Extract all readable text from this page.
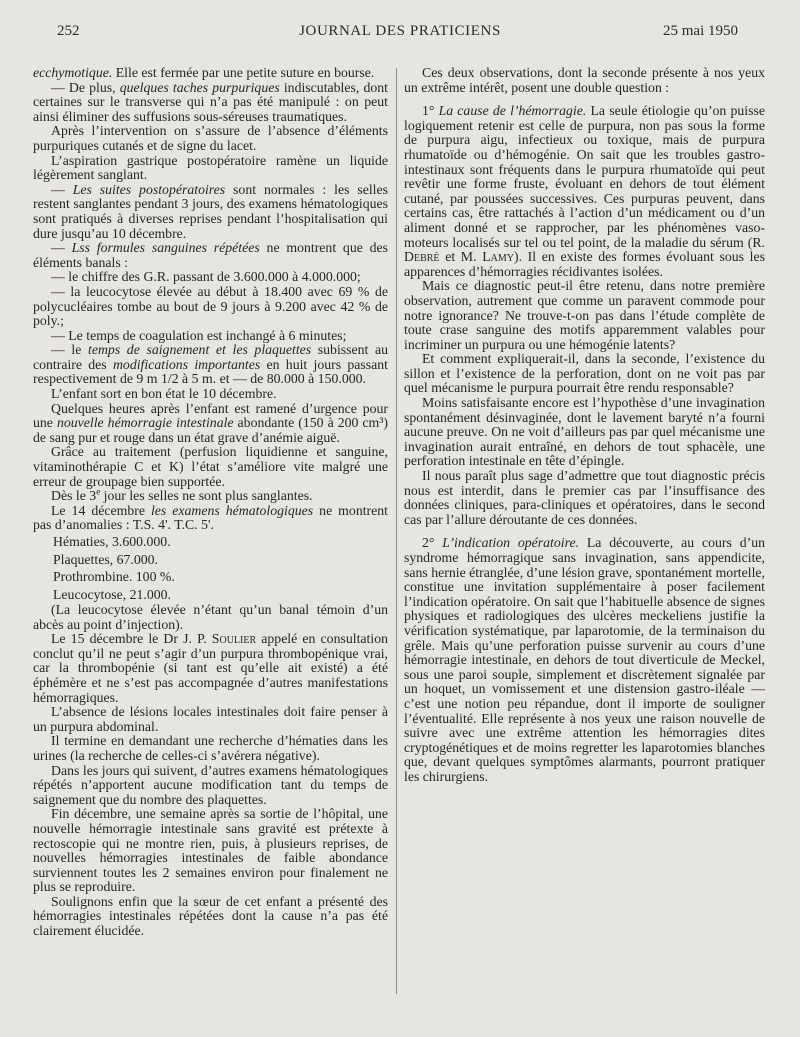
252	JOURNAL DES PRATICIENS	25 mai 1950

ecchymotique. Elle est fermée par une petite suture en bourse.

— De plus, quelques taches purpuriques indiscutables, dont certaines sur le transverse qui n’a pas été manipulé : on peut ainsi éliminer des suffusions sous-séreuses traumatiques.

Après l’intervention on s’assure de l’absence d’éléments purpuriques cutanés et de signe du lacet.

L’aspiration gastrique postopératoire ramène un liquide légèrement sanglant.

— Les suites postopératoires sont normales : les selles restent sanglantes pendant 3 jours, des examens hématologiques sont pratiqués à diverses reprises pendant l’hospitalisation qui dure jusqu’au 10 décembre.

— Lss formules sanguines répétées ne montrent que des éléments banals :

— le chiffre des G.R. passant de 3.600.000 à 4.000.000;

— la leucocytose élevée au début à 18.400 avec 69 % de polycucléaires tombe au bout de 9 jours à 9.200 avec 42 % de poly.;

— Le temps de coagulation est inchangé à 6 minutes;

— le temps de saignement et les plaquettes subissent au contraire des modifications importantes en huit jours passant respectivement de 9 m 1/2 à 5 m. et — de 80.000 à 150.000.

L’enfant sort en bon état le 10 décembre.

Quelques heures après l’enfant est ramené d’urgence pour une nouvelle hémorragie intestinale abondante (150 à 200 cm³) de sang pur et rouge dans un état grave d’anémie aiguë.

Grâce au traitement (perfusion liquidienne et sanguine, vitaminothérapie C et K) l’état s’améliore vite malgré une erreur de groupage bien supportée.

Dès le 3e jour les selles ne sont plus sanglantes.

Le 14 décembre les examens hématologiques ne montrent pas d’anomalies : T.S. 4'. T.C. 5'.

Hématies, 3.600.000.

Plaquettes, 67.000.

Prothrombine. 100 %.

Leucocytose, 21.000.

(La leucocytose élevée n’étant qu’un banal témoin d’un abcès au point d’injection).

Le 15 décembre le Dr J. P. Soulier appelé en consultation conclut qu’il ne peut s’agir d’un purpura thrombopénique vrai, car la thrombopénie (si tant est qu’elle ait existé) a été éphémère et ne s’est pas accompagnée d’autres manifestations hémorragiques.

L’absence de lésions locales intestinales doit faire penser à un purpura abdominal.

Il termine en demandant une recherche d’hématies dans les urines (la recherche de celles-ci s’avérera négative).

Dans les jours qui suivent, d’autres examens hématologiques répétés n’apportent aucune modification tant du temps de saignement que du nombre des plaquettes.

Fin décembre, une semaine après sa sortie de l’hôpital, une nouvelle hémorragie intestinale sans gravité est prétexte à rectoscopie qui ne montre rien, puis, à plusieurs reprises, de nouvelles hémorragies intestinales de faible abondance surviennent toutes les 2 semaines environ pour finalement ne plus se reproduire.

Soulignons enfin que la sœur de cet enfant a présenté des hémorragies intestinales répétées dont la cause n’a pas été clairement élucidée.

Ces deux observations, dont la seconde présente à nos yeux un extrême intérêt, posent une double question :

1° La cause de l’hémorragie. La seule étiologie qu’on puisse logiquement retenir est celle de purpura, non pas sous la forme de purpura aigu, infectieux ou toxique, mais de purpura rhumatoïde ou d’hémogénie. On sait que les troubles gastro-intestinaux sont fréquents dans le purpura rhumatoïde qui peut revêtir une forme fruste, évoluant en dehors de tout élément cutané, par poussées successives. Ces purpuras peuvent, dans certains cas, être rattachés à l’action d’un médicament ou d’un aliment donné et se rapprocher, par les phénomènes vaso-moteurs localisés sur tel ou tel point, de la maladie du sérum (R. Debré et M. Lamy). Il en existe des formes évoluant sous les apparences d’hémorragies récidivantes isolées.

Mais ce diagnostic peut-il être retenu, dans notre première observation, autrement que comme un paravent commode pour notre ignorance? Ne trouve-t-on pas dans l’étude complète de toute crase sanguine des motifs apparemment valables pour incriminer un purpura ou une hémogénie latents?

Et comment expliquerait-il, dans la seconde, l’existence du sillon et l’existence de la perforation, dont on ne voit pas par quel mécanisme le purpura pourrait être rendu responsable?

Moins satisfaisante encore est l’hypothèse d’une invagination spontanément désinvaginée, dont le lavement baryté n’a fourni aucune preuve. On ne voit d’ailleurs pas par quel mécanisme une invagination aurait entraîné, en dehors de tout sphacèle, une perforation intestinale en tête d’épingle.

Il nous paraît plus sage d’admettre que tout diagnostic précis nous est interdit, dans le premier cas par l’insuffisance des données cliniques, para-cliniques et opératoires, dans le second cas par l’allure déroutante de ces données.

2° L’indication opératoire. La découverte, au cours d’un syndrome hémorragique sans invagination, sans appendicite, sans hernie étranglée, d’une lésion grave, spontanément mortelle, constitue une invitation supplémentaire à poser facilement l’indication opératoire. On sait que l’habituelle absence de signes physiques et radiologiques des ulcères meckeliens justifie la vérification systématique, par laparotomie, de la terminaison du grêle. Mais qu’une perforation puisse survenir au cours d’une hémorragie intestinale, en dehors de tout diverticule de Meckel, sous une paroi souple, simplement et discrètement signalée par un hoquet, un vomissement et une distension gastro-iléale — c’est une notion peu répandue, dont il importe de souligner l’éventualité. Elle représente à nos yeux une raison nouvelle de suivre avec une extrême attention les hémorragies dites cryptogénétiques et de moins regretter les laparotomies blanches que, devant quelques symptômes alarmants, pourront pratiquer les chirurgiens.
